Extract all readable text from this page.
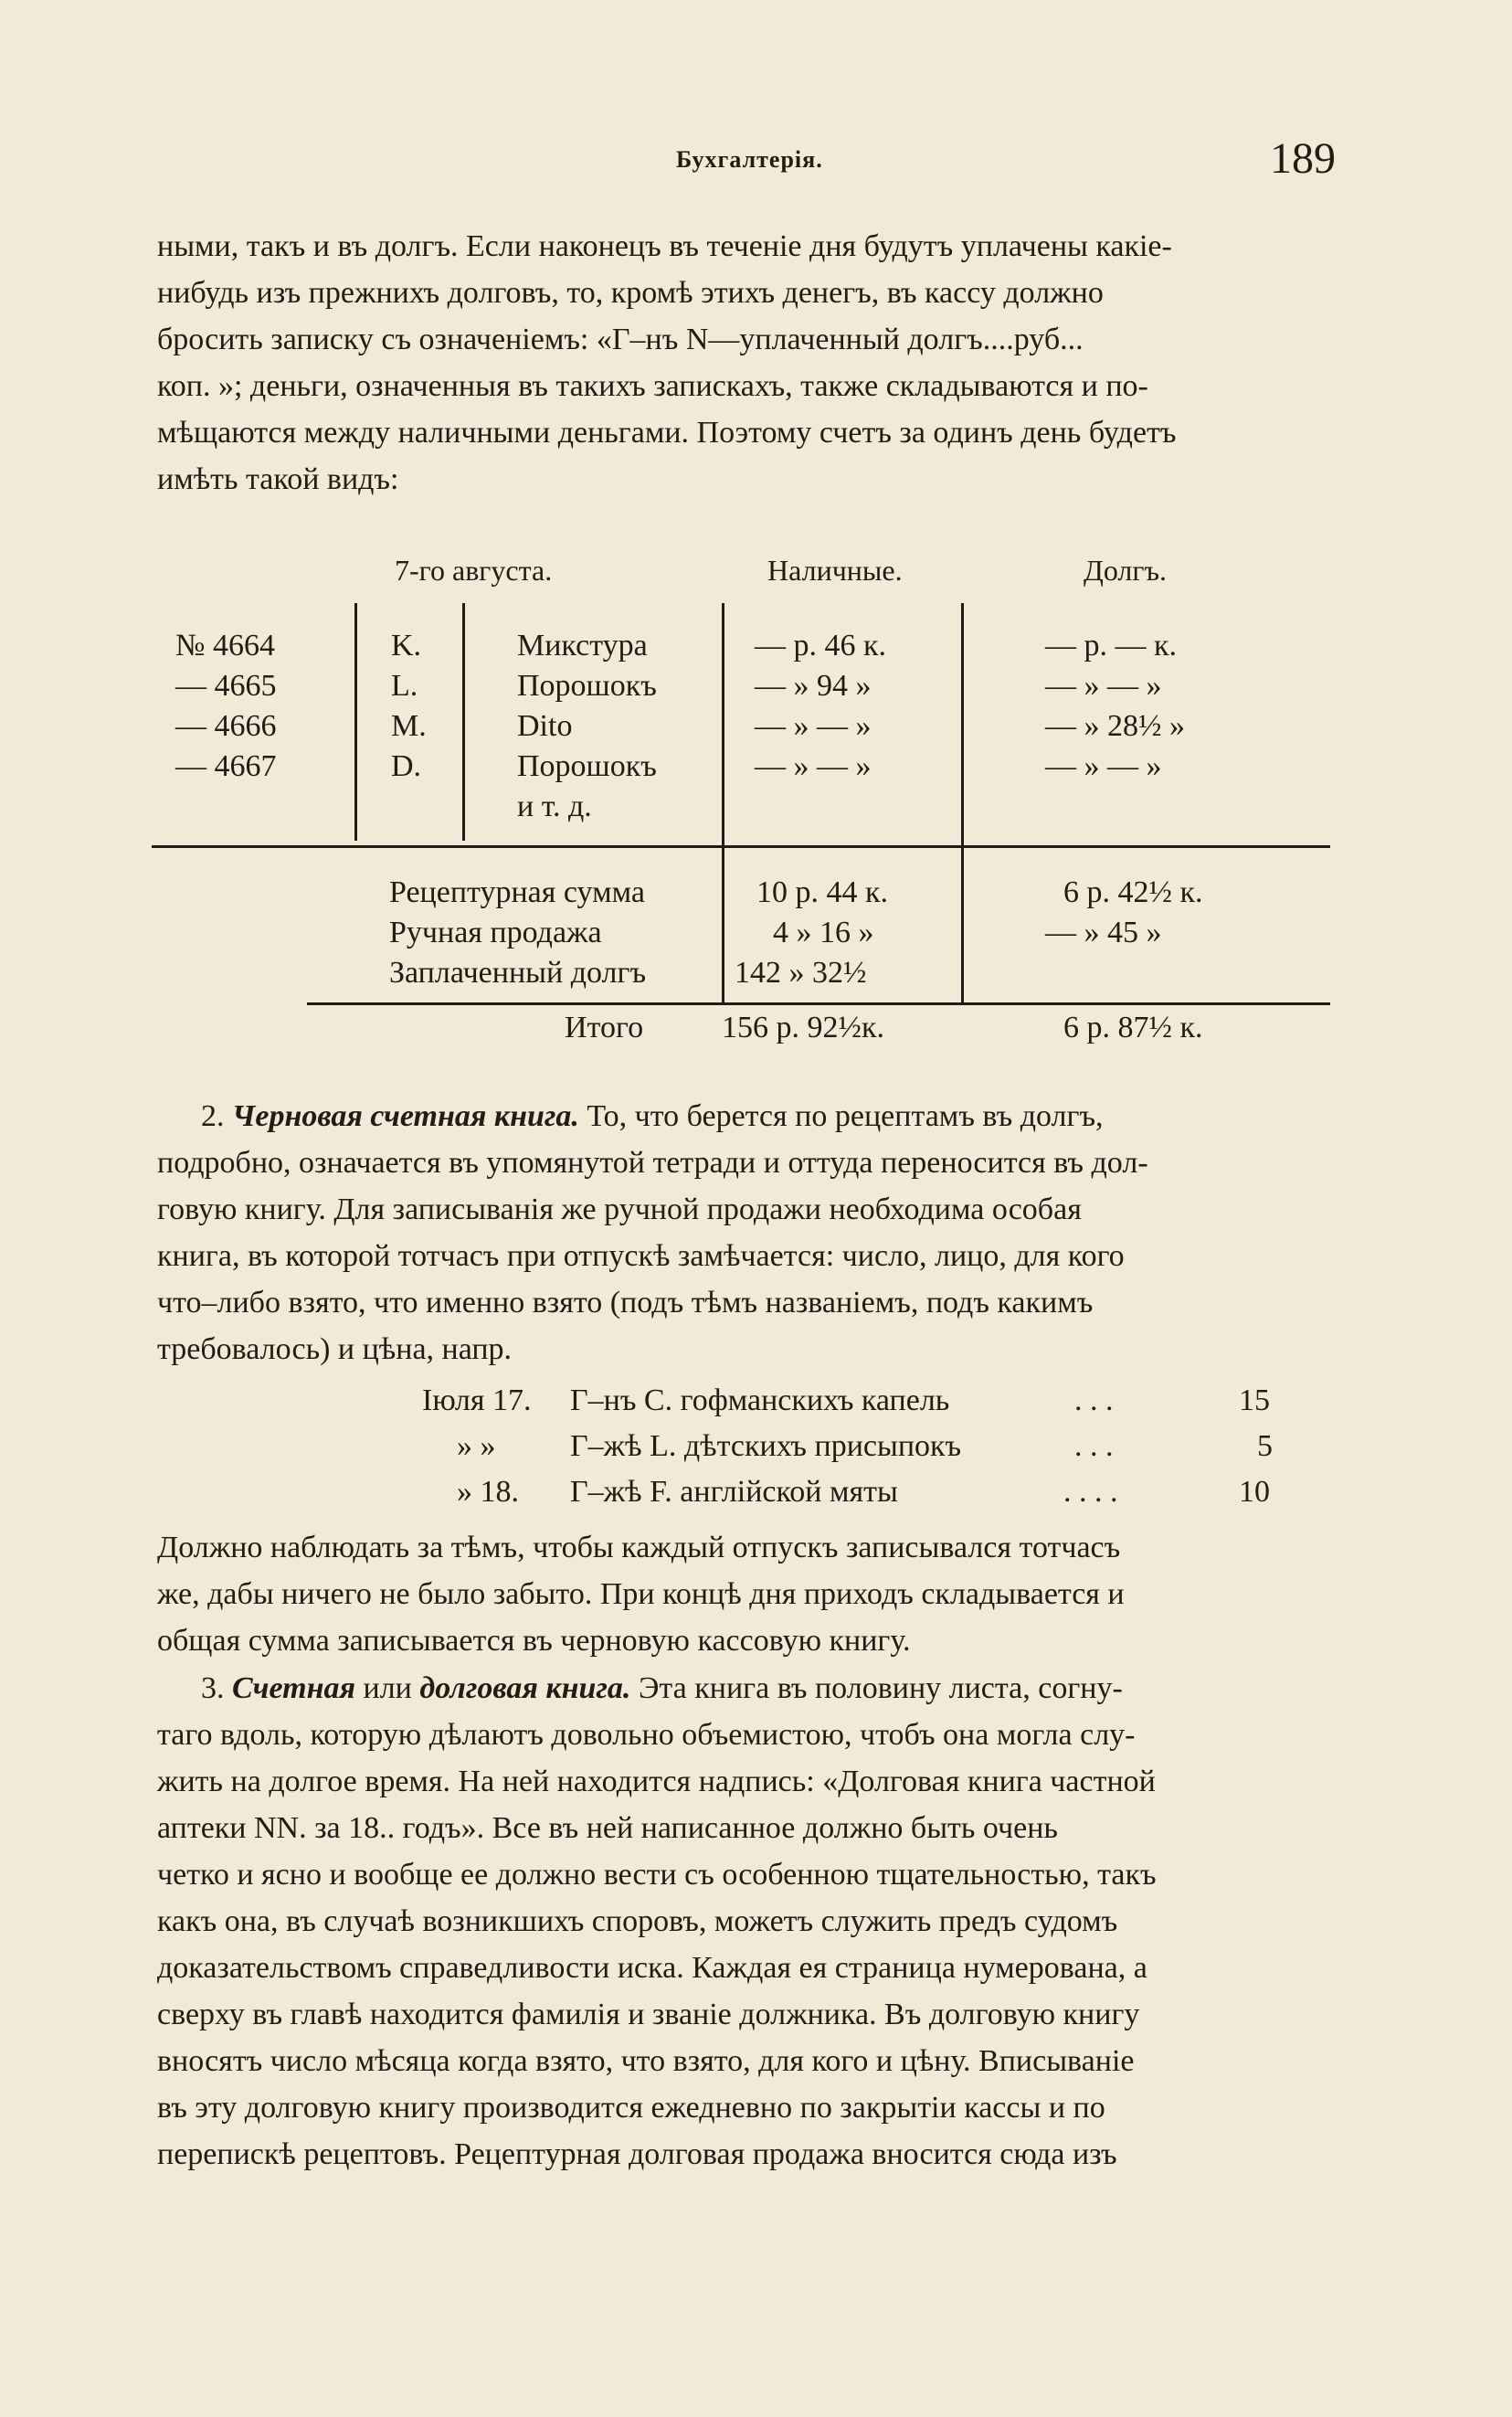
Бухгалтерія.	189
ными, такъ и въ долгъ. Если наконецъ въ теченіе дня будутъ уплачены какіе-
нибудь изъ прежнихъ долговъ, то, кромѣ этихъ денегъ, въ кассу должно
бросить записку съ означеніемъ: «Г–нъ N—уплаченный долгъ....руб...
коп. »; деньги, означенныя въ такихъ запискахъ, также складываются и по-
мѣщаются между наличными деньгами. Поэтому счетъ за одинъ день будетъ
имѣть такой видъ:
7-го августа.	Наличные.	Долгъ.
№ 4664	K.	Микстура	— р. 46 к.	— р. — к.
— 4665	L.	Порошокъ	— » 94 »	— » — »
— 4666	M.	Dito	— » — »	— » 28½ »
— 4667	D.	Порошокъ	— » — »	— » — »
и т. д.
Рецептурная сумма	10 р. 44 к.	6 р. 42½ к.
Ручная продажа	4 » 16 »	— » 45 »
Заплаченный долгъ	142 » 32½
Итого	156 р. 92½к.	6 р. 87½ к.
2. Черновая счетная книга. То, что берется по рецептамъ въ долгъ,
подробно, означается въ упомянутой тетради и оттуда переносится въ дол-
говую книгу. Для записыванія же ручной продажи необходима особая
книга, въ которой тотчасъ при отпускѣ замѣчается: число, лицо, для кого
что–либо взято, что именно взято (подъ тѣмъ названіемъ, подъ какимъ
требовалось) и цѣна, напр.
Іюля 17. Г–нъ С. гофманскихъ капель	. . .	15
» » Г–жѣ L. дѣтскихъ присыпокъ	. . .	5
» 18. Г–жѣ F. англійской мяты	. . . .	10
Должно наблюдать за тѣмъ, чтобы каждый отпускъ записывался тотчасъ
же, дабы ничего не было забыто. При концѣ дня приходъ складывается и
общая сумма записывается въ черновую кассовую книгу.
3. Счетная или долговая книга. Эта книга въ половину листа, согну-
таго вдоль, которую дѣлаютъ довольно объемистою, чтобъ она могла слу-
жить на долгое время. На ней находится надпись: «Долговая книга частной
аптеки NN. за 18.. годъ». Все въ ней написанное должно быть очень
четко и ясно и вообще ее должно вести съ особенною тщательностью, такъ
какъ она, въ случаѣ возникшихъ споровъ, можетъ служить предъ судомъ
доказательствомъ справедливости иска. Каждая ея страница нумерована, а
сверху въ главѣ находится фамилія и званіе должника. Въ долговую книгу
вносятъ число мѣсяца когда взято, что взято, для кого и цѣну. Вписываніе
въ эту долговую книгу производится ежедневно по закрытіи кассы и по
перепискѣ рецептовъ. Рецептурная долговая продажа вносится сюда изъ
